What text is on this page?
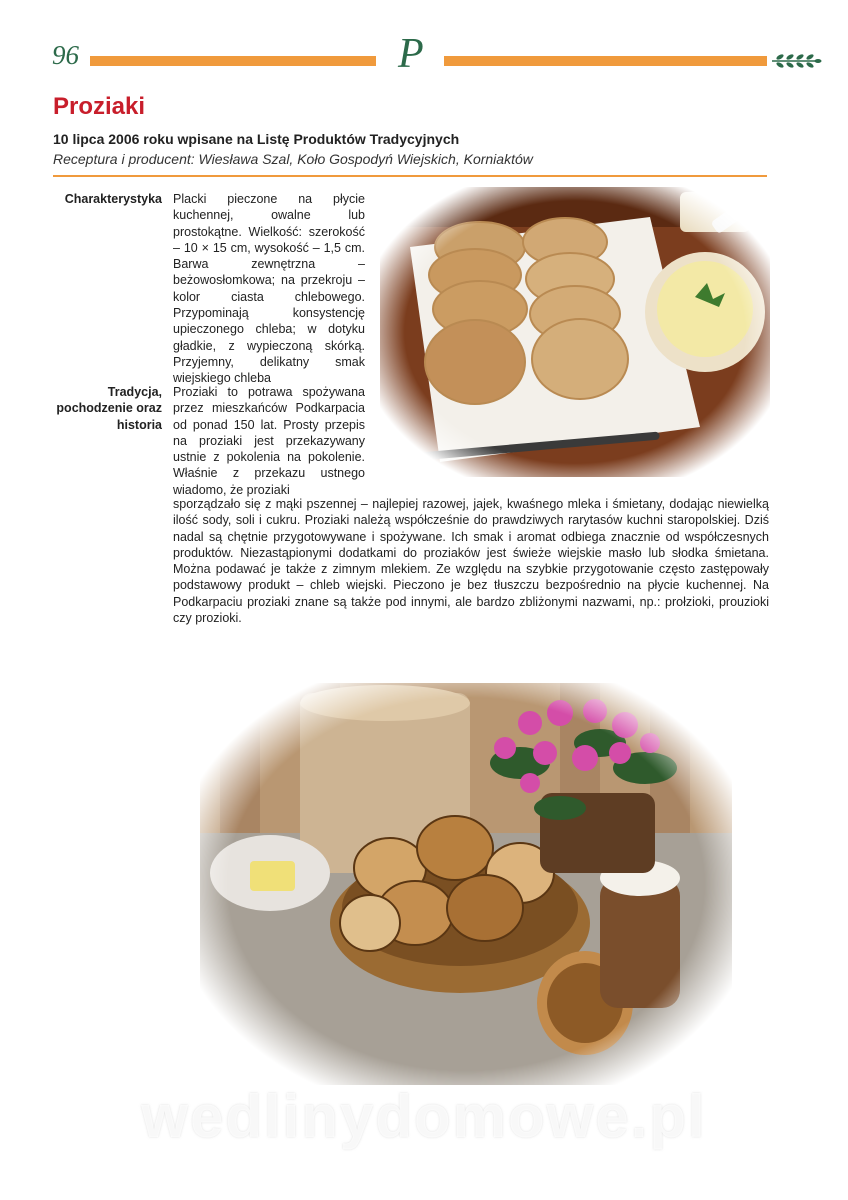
96	P
Proziaki
10 lipca 2006 roku wpisane na Listę Produktów Tradycyjnych
Receptura i producent: Wiesława Szal, Koło Gospodyń Wiejskich, Korniaktów
Charakterystyka Placki pieczone na płycie kuchennej, owalne lub prostokątne. Wielkość: szerokość – 10 × 15 cm, wysokość – 1,5 cm. Barwa zewnętrzna – beżowosłomkowa; na przekroju – kolor ciasta chlebowego. Przypominają konsystencję upieczonego chleba; w dotyku gładkie, z wypieczoną skórką. Przyjemny, delikatny smak wiejskiego chleba
Tradycja, pochodzenie oraz historia
Proziaki to potrawa spożywana przez mieszkańców Podkarpacia od ponad 150 lat. Prosty przepis na proziaki jest przekazywany ustnie z pokolenia na pokolenie. Właśnie z przekazu ustnego wiadomo, że proziaki
sporządzało się z mąki pszennej – najlepiej razowej, jajek, kwaśnego mleka i śmietany, dodając niewielką ilość sody, soli i cukru. Proziaki należą współcześnie do prawdziwych rarytasów kuchni staropolskiej. Dziś nadal są chętnie przygotowywane i spożywane. Ich smak i aromat odbiega znacznie od współczesnych produktów. Niezastąpionymi dodatkami do proziaków jest świeże wiejskie masło lub słodka śmietana. Można podawać je także z zimnym mlekiem. Ze względu na szybkie przygotowanie często zastępowały podstawowy produkt – chleb wiejski. Pieczono je bez tłuszczu bezpośrednio na płycie kuchennej. Na Podkarpaciu proziaki znane są także pod innymi, ale bardzo zbliżonymi nazwami, np.: prołzioki, prouzioki czy prozioki.
wedlinydomowe.pl
